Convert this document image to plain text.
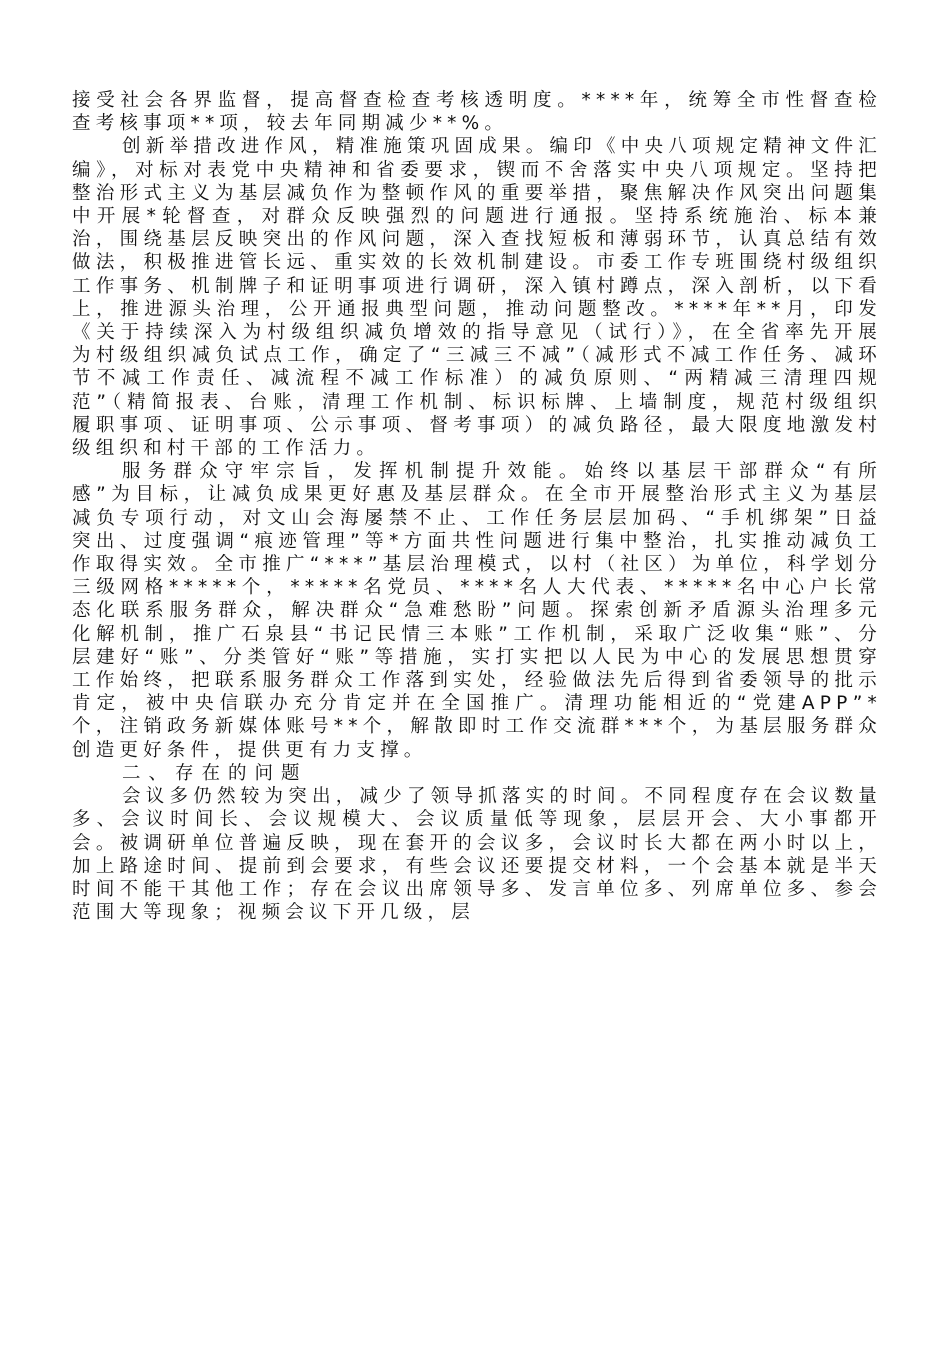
接受社会各界监督，提高督查检查考核透明度。****年，统筹全市性督查检查考核事项**项，较去年同期减少**%。

创新举措改进作风，精准施策巩固成果。编印《中央八项规定精神文件汇编》，对标对表党中央精神和省委要求，锲而不舍落实中央八项规定。坚持把整治形式主义为基层减负作为整顿作风的重要举措，聚焦解决作风突出问题集中开展*轮督查，对群众反映强烈的问题进行通报。坚持系统施治、标本兼治，围绕基层反映突出的作风问题，深入查找短板和薄弱环节，认真总结有效做法，积极推进管长远、重实效的长效机制建设。市委工作专班围绕村级组织工作事务、机制牌子和证明事项进行调研，深入镇村蹲点，深入剖析，以下看上，推进源头治理，公开通报典型问题，推动问题整改。****年**月，印发《关于持续深入为村级组织减负增效的指导意见（试行）》，在全省率先开展为村级组织减负试点工作，确定了“三减三不减”（减形式不减工作任务、减环节不减工作责任、减流程不减工作标准）的减负原则、“两精减三清理四规范”（精简报表、台账，清理工作机制、标识标牌、上墙制度，规范村级组织履职事项、证明事项、公示事项、督考事项）的减负路径，最大限度地激发村级组织和村干部的工作活力。

服务群众守牢宗旨，发挥机制提升效能。始终以基层干部群众“有所感”为目标，让减负成果更好惠及基层群众。在全市开展整治形式主义为基层减负专项行动，对文山会海屡禁不止、工作任务层层加码、“手机绑架”日益突出、过度强调“痕迹管理”等*方面共性问题进行集中整治，扎实推动减负工作取得实效。全市推广“***”基层治理模式，以村（社区）为单位，科学划分三级网格*****个，*****名党员、****名人大代表、*****名中心户长常态化联系服务群众，解决群众“急难愁盼”问题。探索创新矛盾源头治理多元化解机制，推广石泉县“书记民情三本账”工作机制，采取广泛收集“账”、分层建好“账”、分类管好“账”等措施，实打实把以人民为中心的发展思想贯穿工作始终，把联系服务群众工作落到实处，经验做法先后得到省委领导的批示肯定，被中央信联办充分肯定并在全国推广。清理功能相近的“党建APP”*个，注销政务新媒体账号**个，解散即时工作交流群***个，为基层服务群众创造更好条件，提供更有力支撑。

二、存在的问题

会议多仍然较为突出，减少了领导抓落实的时间。不同程度存在会议数量多、会议时间长、会议规模大、会议质量低等现象，层层开会、大小事都开会。被调研单位普遍反映，现在套开的会议多，会议时长大都在两小时以上，加上路途时间、提前到会要求，有些会议还要提交材料，一个会基本就是半天时间不能干其他工作；存在会议出席领导多、发言单位多、列席单位多、参会范围大等现象；视频会议下开几级，层
